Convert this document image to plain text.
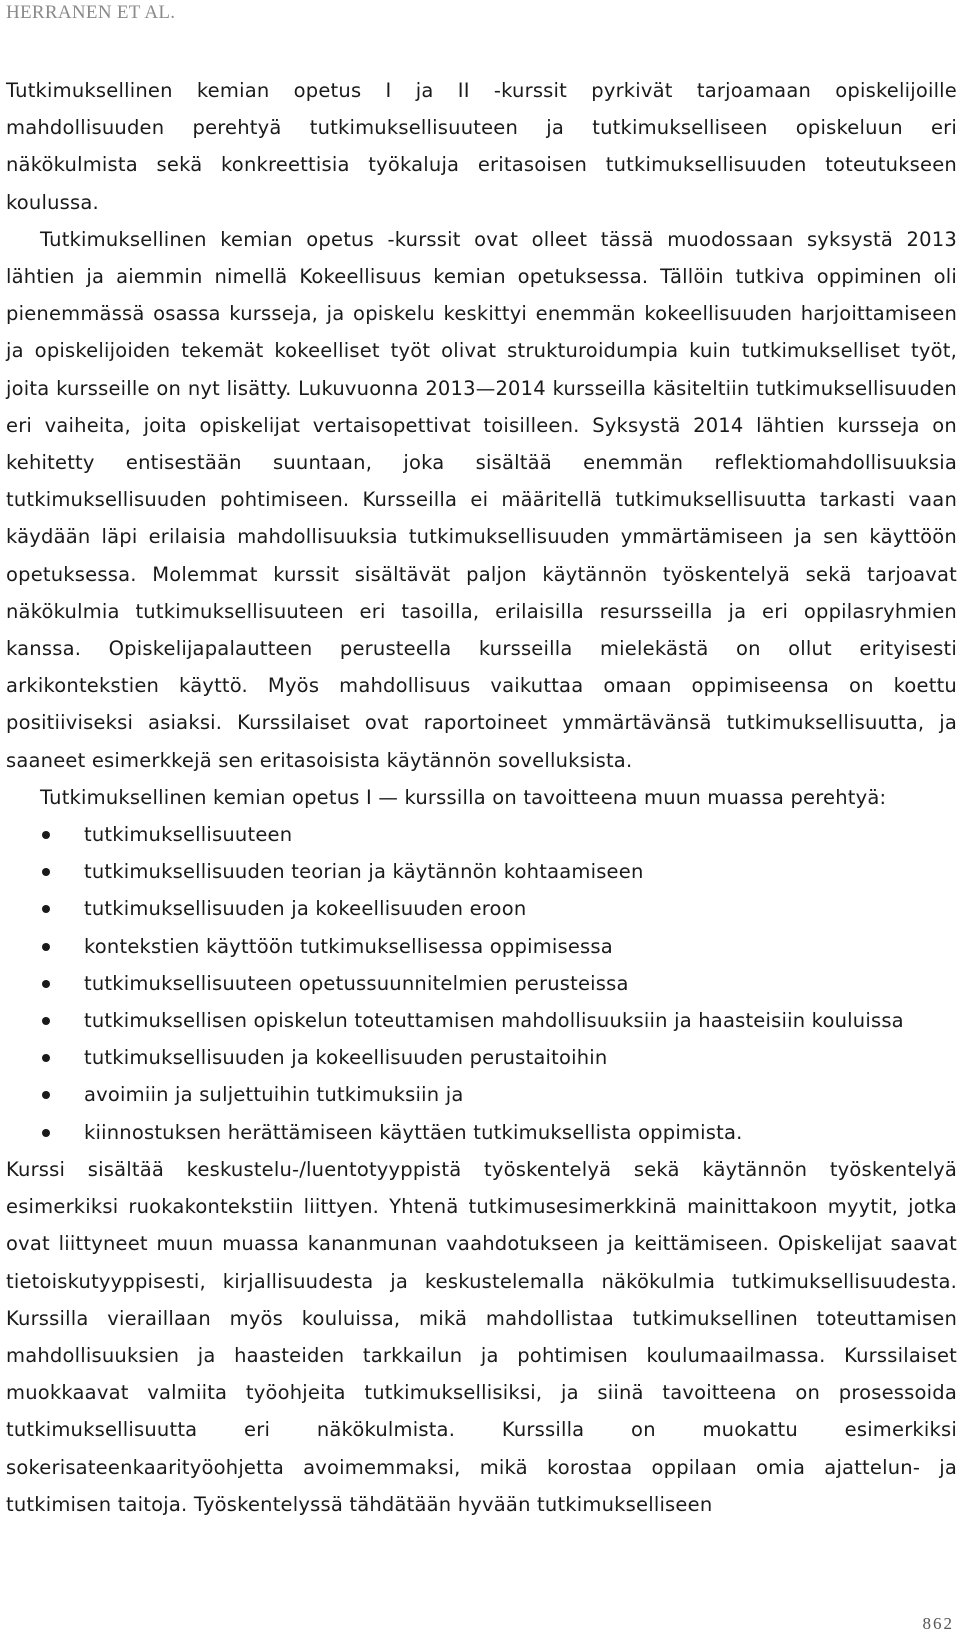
HERRANEN ET AL.

Tutkimuksellinen kemian opetus I ja II -kurssit pyrkivät tarjoamaan opiskelijoille mahdollisuuden perehtyä tutkimuksellisuuteen ja tutkimukselliseen opiskeluun eri näkökulmista sekä konkreettisia työkaluja eritasoisen tutkimuksellisuuden toteutukseen koulussa.

Tutkimuksellinen kemian opetus -kurssit ovat olleet tässä muodossaan syksystä 2013 lähtien ja aiemmin nimellä Kokeellisuus kemian opetuksessa. Tällöin tutkiva oppiminen oli pienemmässä osassa kursseja, ja opiskelu keskittyi enemmän kokeellisuuden harjoittamiseen ja opiskelijoiden tekemät kokeelliset työt olivat strukturoidumpia kuin tutkimukselliset työt, joita kursseille on nyt lisätty. Lukuvuonna 2013—2014 kursseilla käsiteltiin tutkimuksellisuuden eri vaiheita, joita opiskelijat vertaisopettivat toisilleen. Syksystä 2014 lähtien kursseja on kehitetty entisestään suuntaan, joka sisältää enemmän reflektiomahdollisuuksia tutkimuksellisuuden pohtimiseen. Kursseilla ei määritellä tutkimuksellisuutta tarkasti vaan käydään läpi erilaisia mahdollisuuksia tutkimuksellisuuden ymmärtämiseen ja sen käyttöön opetuksessa. Molemmat kurssit sisältävät paljon käytännön työskentelyä sekä tarjoavat näkökulmia tutkimuksellisuuteen eri tasoilla, erilaisilla resursseilla ja eri oppilasryhmien kanssa. Opiskelijapalautteen perusteella kursseilla mielekästä on ollut erityisesti arkikontekstien käyttö. Myös mahdollisuus vaikuttaa omaan oppimiseensa on koettu positiiviseksi asiaksi. Kurssilaiset ovat raportoineet ymmärtävänsä tutkimuksellisuutta, ja saaneet esimerkkejä sen eritasoisista käytännön sovelluksista.

Tutkimuksellinen kemian opetus I — kurssilla on tavoitteena muun muassa perehtyä:

tutkimuksellisuuteen
tutkimuksellisuuden teorian ja käytännön kohtaamiseen
tutkimuksellisuuden ja kokeellisuuden eroon
kontekstien käyttöön tutkimuksellisessa oppimisessa
tutkimuksellisuuteen opetussuunnitelmien perusteissa
tutkimuksellisen opiskelun toteuttamisen mahdollisuuksiin ja haasteisiin kouluissa
tutkimuksellisuuden ja kokeellisuuden perustaitoihin
avoimiin ja suljettuihin tutkimuksiin ja
kiinnostuksen herättämiseen käyttäen tutkimuksellista oppimista.

Kurssi sisältää keskustelu-/luentotyyppistä työskentelyä sekä käytännön työskentelyä esimerkiksi ruokakontekstiin liittyen. Yhtenä tutkimusesimerkkinä mainittakoon myytit, jotka ovat liittyneet muun muassa kananmunan vaahdotukseen ja keittämiseen. Opiskelijat saavat tietoiskutyyppisesti, kirjallisuudesta ja keskustelemalla näkökulmia tutkimuksellisuudesta. Kurssilla vieraillaan myös kouluissa, mikä mahdollistaa tutkimuksellinen toteuttamisen mahdollisuuksien ja haasteiden tarkkailun ja pohtimisen koulumaailmassa. Kurssilaiset muokkaavat valmiita työohjeita tutkimuksellisiksi, ja siinä tavoitteena on prosessoida tutkimuksellisuutta eri näkökulmista. Kurssilla on muokattu esimerkiksi sokerisateenkaarityöohjetta avoimemmaksi, mikä korostaa oppilaan omia ajattelun- ja tutkimisen taitoja. Työskentelyssä tähdätään hyvään tutkimukselliseen

862
